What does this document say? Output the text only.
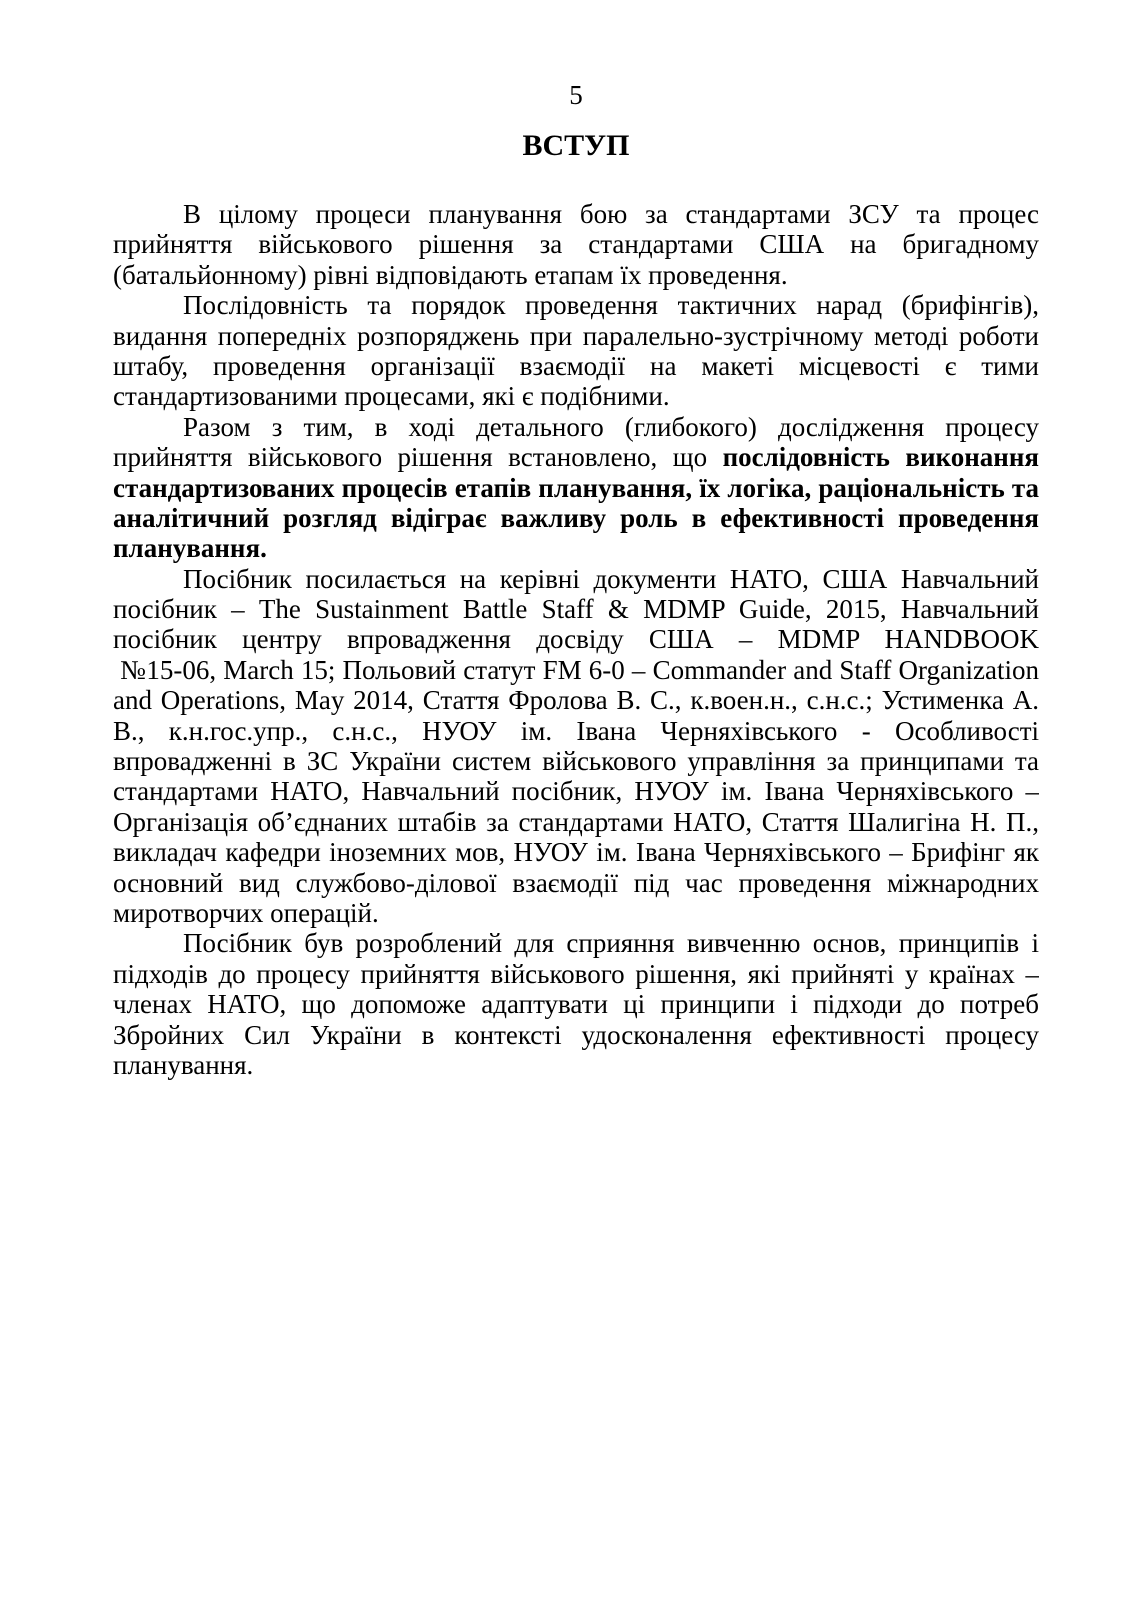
5
ВСТУП
В цілому процеси планування бою за стандартами ЗСУ та процес
прийняття військового рішення за стандартами США на бригадному
(батальйонному) рівні відповідають етапам їх проведення.
Послідовність та порядок проведення тактичних нарад (брифінгів),
видання попередніх розпоряджень при паралельно-зустрічному методі роботи
штабу, проведення організації взаємодії на макеті місцевості є тими
стандартизованими процесами, які є подібними.
Разом з тим, в ході детального (глибокого) дослідження процесу
прийняття військового рішення встановлено, що послідовність виконання
стандартизованих процесів етапів планування, їх логіка, раціональність та
аналітичний розгляд відіграє важливу роль в ефективності проведення
планування.
Посібник посилається на керівні документи НАТО, США Навчальний
посібник – The Sustainment Battle Staff & MDMP Guide, 2015, Навчальний
посібник центру впровадження досвіду США – MDMP HANDBOOK
№15-06, March 15; Польовий статут FM 6-0 – Commander and Staff Organization
and Operations, May 2014, Стаття Фролова В. С., к.воен.н., с.н.с.; Устименка А.
В., к.н.гос.упр., с.н.с., НУОУ ім. Івана Черняхівського - Особливості
впровадженні в ЗС України систем військового управління за принципами та
стандартами НАТО, Навчальний посібник, НУОУ ім. Івана Черняхівського –
Організація об’єднаних штабів за стандартами НАТО, Стаття Шалигіна Н. П.,
викладач кафедри іноземних мов, НУОУ ім. Івана Черняхівського – Брифінг як
основний вид службово-ділової взаємодії під час проведення міжнародних
миротворчих операцій.
Посібник був розроблений для сприяння вивченню основ, принципів і
підходів до процесу прийняття військового рішення, які прийняті у країнах –
членах НАТО, що допоможе адаптувати ці принципи і підходи до потреб
Збройних Сил України в контексті удосконалення ефективності процесу
планування.
